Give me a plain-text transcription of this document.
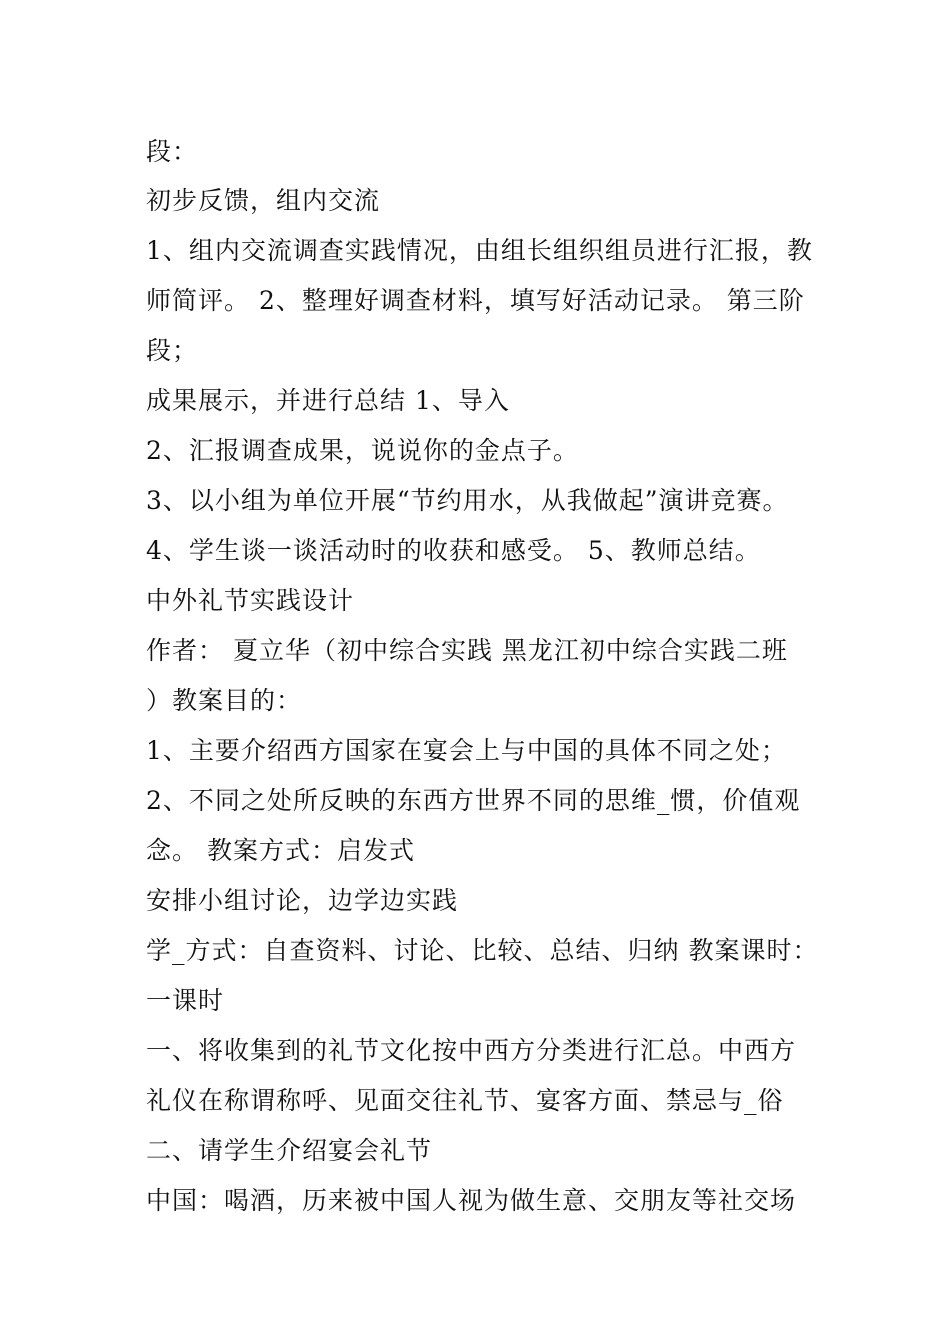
段：
初步反馈，组内交流
1、组内交流调查实践情况，由组长组织组员进行汇报，教
师简评。 2、整理好调查材料，填写好活动记录。 第三阶
段；
成果展示，并进行总结 1、导入
2、汇报调查成果，说说你的金点子。
3、以小组为单位开展“节约用水，从我做起”演讲竞赛。
4、学生谈一谈活动时的收获和感受。 5、教师总结。
中外礼节实践设计
作者： 夏立华（初中综合实践 黑龙江初中综合实践二班
）教案目的：
1、主要介绍西方国家在宴会上与中国的具体不同之处；
2、不同之处所反映的东西方世界不同的思维_惯，价值观
念。 教案方式：启发式
安排小组讨论，边学边实践
学_方式：自查资料、讨论、比较、总结、归纳 教案课时：
一课时
一、将收集到的礼节文化按中西方分类进行汇总。中西方
礼仪在称谓称呼、见面交往礼节、宴客方面、禁忌与_俗
二、请学生介绍宴会礼节
中国：喝酒，历来被中国人视为做生意、交朋友等社交场
